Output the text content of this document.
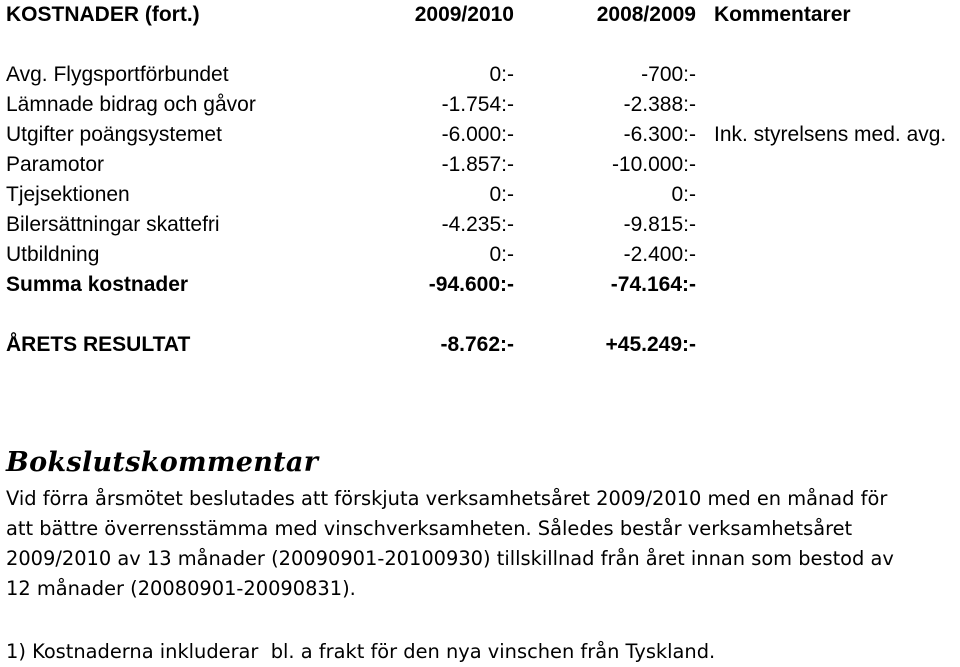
KOSTNADER (fort.)	2009/2010	2008/2009 Kommentarer
Avg. Flygsportförbundet	0:-	-700:-
Lämnade bidrag och gåvor	-1.754:-	-2.388:-
Utgifter poängsystemet	-6.000:-	-6.300:- Ink. styrelsens med. avg.
Paramotor	-1.857:-	-10.000:-
Tjejsektionen	0:-	0:-
Bilersättningar skattefri	-4.235:-	-9.815:-
Utbildning	0:-	-2.400:-
Summa kostnader	-94.600:-	-74.164:-
ÅRETS RESULTAT	-8.762:-	+45.249:-
Bokslutskommentar
Vid förra årsmötet beslutades att förskjuta verksamhetsåret 2009/2010 med en månad för
att bättre överrensstämma med vinschverksamheten. Således består verksamhetsåret
2009/2010 av 13 månader (20090901-20100930) tillskillnad från året innan som bestod av
12 månader (20080901-20090831).
1) Kostnaderna inkluderar  bl. a frakt för den nya vinschen från Tyskland.
